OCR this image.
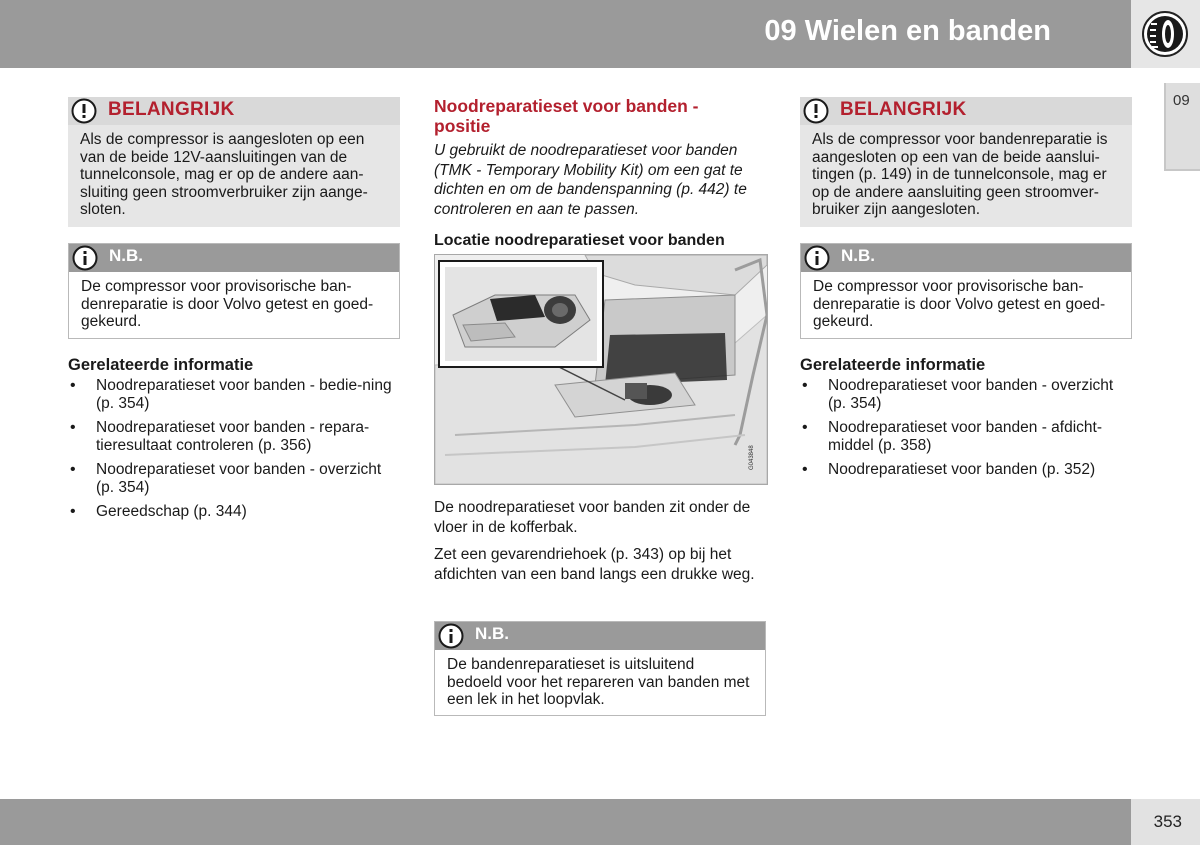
09 Wielen en banden
09
BELANGRIJK
Als de compressor is aangesloten op een van de beide 12V-aansluitingen van de tunnelconsole, mag er op de andere aan-sluiting geen stroomverbruiker zijn aange-sloten.
N.B.
De compressor voor provisorische ban-denreparatie is door Volvo getest en goed-gekeurd.
Gerelateerde informatie
• Noodreparatieset voor banden - bedie-ning (p. 354)
• Noodreparatieset voor banden - repara-tieresultaat controleren (p. 356)
• Noodreparatieset voor banden - overzicht (p. 354)
• Gereedschap (p. 344)
Noodreparatieset voor banden - positie
U gebruikt de noodreparatieset voor banden (TMK - Temporary Mobility Kit) om een gat te dichten en om de bandenspanning (p. 442) te controleren en aan te passen.
Locatie noodreparatieset voor banden
G043848
De noodreparatieset voor banden zit onder de vloer in de kofferbak.
Zet een gevarendriehoek (p. 343) op bij het afdichten van een band langs een drukke weg.
N.B.
De bandenreparatieset is uitsluitend bedoeld voor het repareren van banden met een lek in het loopvlak.
BELANGRIJK
Als de compressor voor bandenreparatie is aangesloten op een van de beide aanslui-tingen (p. 149) in de tunnelconsole, mag er op de andere aansluiting geen stroomver-bruiker zijn aangesloten.
N.B.
De compressor voor provisorische ban-denreparatie is door Volvo getest en goed-gekeurd.
Gerelateerde informatie
• Noodreparatieset voor banden - overzicht (p. 354)
• Noodreparatieset voor banden - afdicht-middel (p. 358)
• Noodreparatieset voor banden (p. 352)
353
